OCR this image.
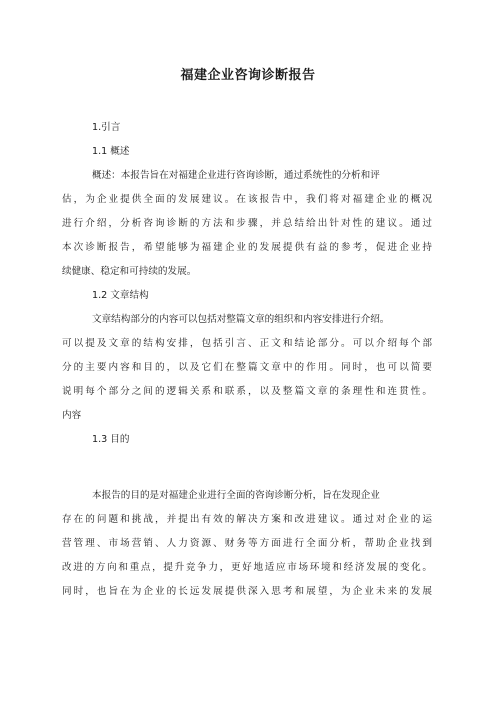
福建企业咨询诊断报告
1.引言
1.1 概述
概述：本报告旨在对福建企业进行咨询诊断，通过系统性的分析和评
估，为企业提供全面的发展建议。在该报告中，我们将对福建企业的概况
进行介绍，分析咨询诊断的方法和步骤，并总结给出针对性的建议。通过
本次诊断报告，希望能够为福建企业的发展提供有益的参考，促进企业持
续健康、稳定和可持续的发展。
1.2 文章结构
文章结构部分的内容可以包括对整篇文章的组织和内容安排进行介绍。
可以提及文章的结构安排，包括引言、正文和结论部分。可以介绍每个部
分的主要内容和目的，以及它们在整篇文章中的作用。同时，也可以简要
说明每个部分之间的逻辑关系和联系，以及整篇文章的条理性和连贯性。
内容
1.3 目的
本报告的目的是对福建企业进行全面的咨询诊断分析，旨在发现企业
存在的问题和挑战，并提出有效的解决方案和改进建议。通过对企业的运
营管理、市场营销、人力资源、财务等方面进行全面分析，帮助企业找到
改进的方向和重点，提升竞争力，更好地适应市场环境和经济发展的变化。
同时，也旨在为企业的长远发展提供深入思考和展望，为企业未来的发展
